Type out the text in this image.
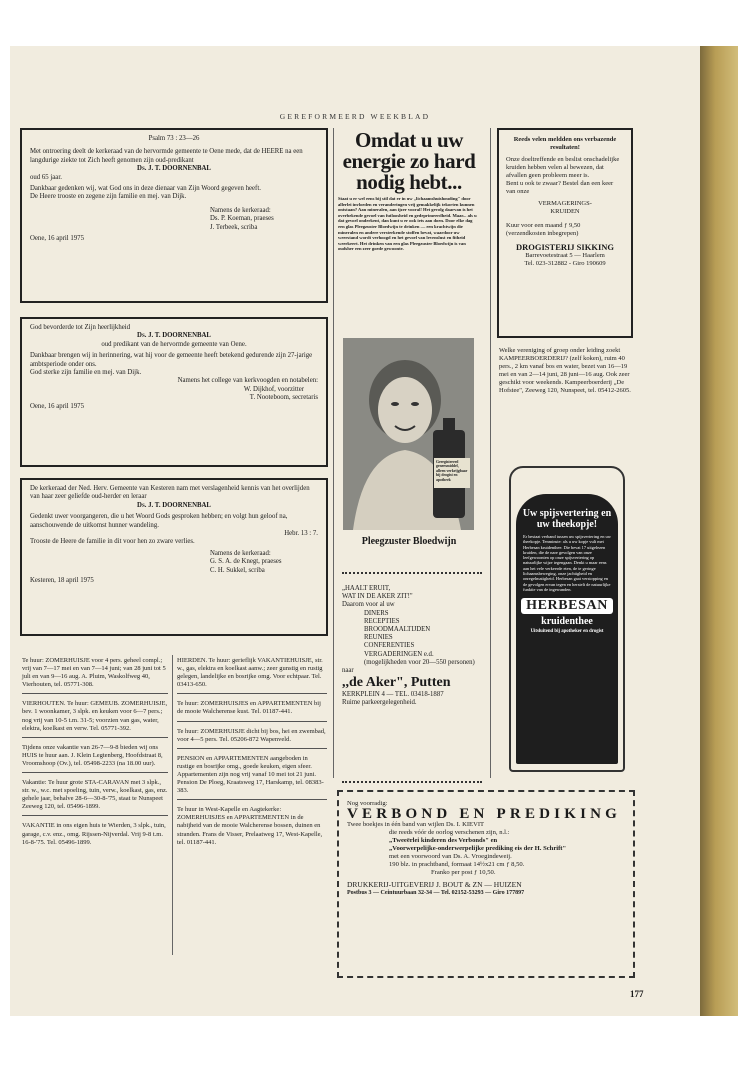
GEREFORMEERD WEEKBLAD

Psalm 73 : 23—26

Met ontroering deelt de kerkeraad van de hervormde gemeente te Oene mede, dat de HEERE na een langdurige ziekte tot Zich heeft genomen zijn oud-predikant

Ds. J. T. DOORNENBAL

oud 65 jaar.

Dankbaar gedenken wij, wat God ons in deze dienaar van Zijn Woord gegeven heeft.

De Heere trooste en zegene zijn familie en mej. van Dijk.

Namens de kerkeraad:

Ds. P. Koeman, praeses

J. Terbeek, scriba

Oene, 16 april 1975

God bevorderde tot Zijn heerlijkheid

Ds. J. T. DOORNENBAL

oud predikant van de hervormde gemeente van Oene.

Dankbaar brengen wij in herinnering, wat hij voor de gemeente heeft betekend gedurende zijn 27-jarige ambtsperiode onder ons.

God sterke zijn familie en mej. van Dijk.

Namens het college van kerkvoogden en notabelen:

W. Dijkhof, voorzitter

T. Nooteboom, secretaris

Oene, 16 april 1975

De kerkeraad der Ned. Herv. Gemeente van Kesteren nam met verslagenheid kennis van het overlijden van haar zeer geliefde oud-herder en leraar

Ds. J. T. DOORNENBAL

Gedenkt uwer voorgangeren, die u het Woord Gods gesproken hebben; en volgt hun geloof na, aanschouwende de uitkomst hunner wandeling.

Hebr. 13 : 7.

Trooste de Heere de familie in dit voor hen zo zware verlies.

Namens de kerkeraad:

G. S. A. de Knegt, praeses

C. H. Sukkel, scriba

Kesteren, 18 april 1975

Te huur: ZOMERHUISJE voor 4 pers. geheel compl.; vrij van 7—17 mei en van 7—14 juni; van 28 juni tot 5 juli en van 9—16 aug. A. Pluim, Waskolfweg 40, Vierhouten, tel. 05771-308.

VIERHOUTEN. Te huur: GEMEUB. ZOMERHUISJE, bev. 1 woonkamer, 3 slpk. en keuken voor 6—7 pers.; nog vrij van 10-5 t.m. 31-5; voorzien van gas, water, elektra, koelkast en verw. Tel. 05771-392.

Tijdens onze vakantie van 26-7—9-8 bieden wij ons HUIS te huur aan. J. Klein Legtenberg, Hoofdstraat 8, Vroomshoop (Ov.), tel. 05498-2233 (na 18.00 uur).

Vakantie: Te huur grote STA-CARAVAN met 3 slpk., str. w., w.c. met spoeling, tuin, verw., koelkast, gas, enz. gehele jaar, behalve 28-6—30-8-'75, staat te Nunspeet Zeeweg 120, tel. 05496-1899.

VAKANTIE in ons eigen huis te Wierden, 3 slpk., tuin, garage, c.v. enz., omg. Rijssen-Nijverdal. Vrij 9-8 t.m. 16-8-'75. Tel. 05496-1899.

HIERDEN. Te huur: gerieflijk VAKANTIEHUISJE, str. w., gas, elektra en koelkast aanw.; zeer gunstig en rustig gelegen, landelijke en bosrijke omg. Voor echtpaar. Tel. 03413-650.

Te huur: ZOMERHUISJES en APPARTEMENTEN bij de mooie Walcherense kust. Tel. 01187-441.

Te huur: ZOMERHUISJE dicht bij bos, hei en zwembad, voor 4—5 pers. Tel. 05206-872 Wapenveld.

PENSION en APPARTEMENTEN aangeboden in rustige en bosrijke omg., goede keuken, eigen sfeer. Appartementen zijn nog vrij vanaf 10 mei tot 21 juni. Pension De Ploeg, Kraatsweg 17, Harskamp, tel. 08383-383.

Te huur in West-Kapelle en Aagtekerke: ZOMERHUISJES en APPARTEMENTEN in de nabijheid van de mooie Walcherense bossen, duinen en stranden. Frans de Visser, Prelaatweg 17, West-Kapelle, tel. 01187-441.

Omdat u uw energie zo hard nodig hebt...
Staat u er wel eens bij stil dat er in uw „lichaamshuishouding" door allerlei invloeden en veranderingen vrij gemakkelijk tekorten kunnen ontstaan? Aan mineralen, aan ijzer vooral! Het gevolg daarvan is het overbekende gevoel van futloosheid en gedeprimeerdheid. Maar... als u dat gevoel onderkent, dan kunt u er ook iets aan doen. Door elke dag een glas Pleegzuster Bloedwijn te drinken — een krachtwijn die mineralen en andere versterkende stoffen bevat, waardoor uw weerstand wordt verhoogd en het gevoel van levenslust en fitheid weerkeert. Het drinken van een glas Pleegzuster Bloedwijn is van oudsher een zeer goede gewoonte.
Geregistreerd geneesmiddel, alleen verkrijgbaar bij drogist en apotheek
Pleegzuster Bloedwijn

„HAALT ERUIT,

WAT IN DE AKER ZIT!"

Daarom voor al uw

DINERS

RECEPTIES

BROODMAALTIJDEN

REUNIES

CONFERENTIES

VERGADERINGEN e.d.

(mogelijkheden voor 20—550 personen)

naar

,,de Aker", Putten

KERKPLEIN 4 — TEL. 03418-1887

Ruime parkeergelegenheid.

Reeds velen meldden ons verbazende resultaten!

Onze doeltreffende en beslist onschadelijke kruiden hebben velen al bewezen, dat afvallen geen probleem meer is.

Bent u ook te zwaar? Bestel dan een keer van onze

VERMAGERINGS-

KRUIDEN

Kuur voor een maand ƒ 9,50

(verzendkosten inbegrepen)

DROGISTERIJ SIKKING

Barrevoetestraat 5 — Haarlem

Tel. 023-312882 - Giro 190609

Welke vereniging of groep onder leiding zoekt KAMPEERBOERDERIJ? (zelf koken), ruim 40 pers., 2 km vanaf bos en water, bezet van 16—19 mei en van 2—14 juni, 28 juni—16 aug. Ook zeer geschikt voor weekends. Kampeerboerderij „De Hofstee", Zeeweg 120, Nunspeet, tel. 05412-2605.
Uw spijsvertering en uw theekopje!
Er bestaat verband tussen uw spijsvertering en uw theekopje. Tenminste: als u uw kopje vult met Herbesan kruidenthee. Die bevat 17 uitgelezen kruiden, die de nare gevolgen van onze leefgewoonten op onze spijsvertering op natuurlijke wijze tegengaan. Denkt u maar eens aan het vele verkeerde eten, de te geringe lichaamsbeweging, onze jachtigheid en onregelmatigheid. Herbesan gaat verstopping en de gevolgen ervan tegen en herstelt de natuurlijke funktie van de ingewanden.
HERBESAN
kruidenthee
Uitsluitend bij apotheker en drogist

Nog voorradig:

VERBOND EN PREDIKING

Twee boekjes in één band van wijlen Ds. I. KIEVIT

die reeds vóór de oorlog verschenen zijn, n.l.:

„Tweeërlei kinderen des Verbonds" en

„Voorwerpelijke-onderwerpelijke prediking eis der H. Schrift"

met een voorwoord van Ds. A. Vroegindeweij.

190 blz. in prachtband, formaat 14½x21 cm ƒ 8,50.

Franko per post ƒ 10,50.

DRUKKERIJ-UITGEVERIJ J. BOUT & ZN — HUIZEN

Postbus 3 — Ceintuurbaan 32-34 — Tel. 02152-53293 — Giro 177897

177
